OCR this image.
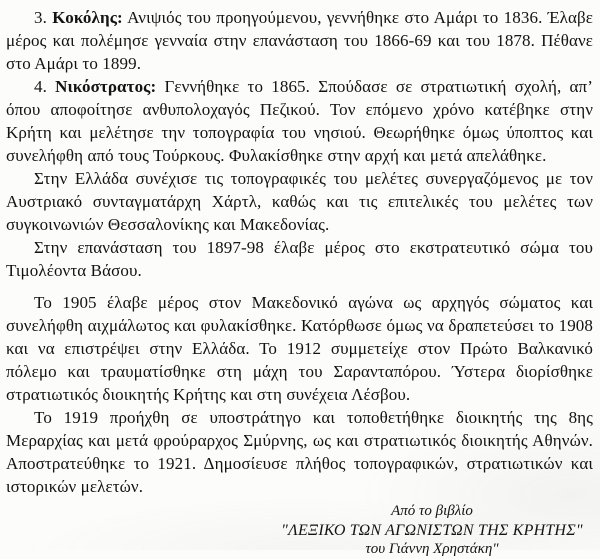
3. Κοκόλης: Ανιψιός του προηγούμενου, γεννήθηκε στο Αμάρι το 1836. Έλαβε μέρος και πολέμησε γενναία στην επανάσταση του 1866-69 και του 1878. Πέθανε στο Αμάρι το 1899.

4. Νικόστρατος: Γεννήθηκε το 1865. Σπούδασε σε στρατιωτική σχολή, απ’ όπου αποφοίτησε ανθυπολοχαγός Πεζικού. Τον επόμενο χρόνο κατέβηκε στην Κρήτη και μελέτησε την τοπογραφία του νησιού. Θεωρήθηκε όμως ύποπτος και συνελήφθη από τους Τούρκους. Φυλακίσθηκε στην αρχή και μετά απελάθηκε.

Στην Ελλάδα συνέχισε τις τοπογραφικές του μελέτες συνεργαζόμενος με τον Αυστριακό συνταγματάρχη Χάρτλ, καθώς και τις επιτελικές του μελέτες των συγκοινωνιών Θεσσαλονίκης και Μακεδονίας.

Στην επανάσταση του 1897-98 έλαβε μέρος στο εκστρατευτικό σώμα του Τιμολέοντα Βάσου.

Το 1905 έλαβε μέρος στον Μακεδονικό αγώνα ως αρχηγός σώματος και συνελήφθη αιχμάλωτος και φυλακίσθηκε. Κατόρθωσε όμως να δραπετεύσει το 1908 και να επιστρέψει στην Ελλάδα. Το 1912 συμμετείχε στον Πρώτο Βαλκανικό πόλεμο και τραυματίσθηκε στη μάχη του Σαρανταπόρου. Ύστερα διορίσθηκε στρατιωτικός διοικητής Κρήτης και στη συνέχεια Λέσβου.

Το 1919 προήχθη σε υποστράτηγο και τοποθετήθηκε διοικητής της 8ης Μεραρχίας και μετά φρούραρχος Σμύρνης, ως και στρατιωτικός διοικητής Αθηνών. Αποστρατεύθηκε το 1921. Δημοσίευσε πλήθος τοπογραφικών, στρατιωτικών και ιστορικών μελετών.

Από το βιβλίο
"ΛΕΞΙΚΟ ΤΩΝ ΑΓΩΝΙΣΤΩΝ ΤΗΣ ΚΡΗΤΗΣ"
του Γιάννη Χρηστάκη"
